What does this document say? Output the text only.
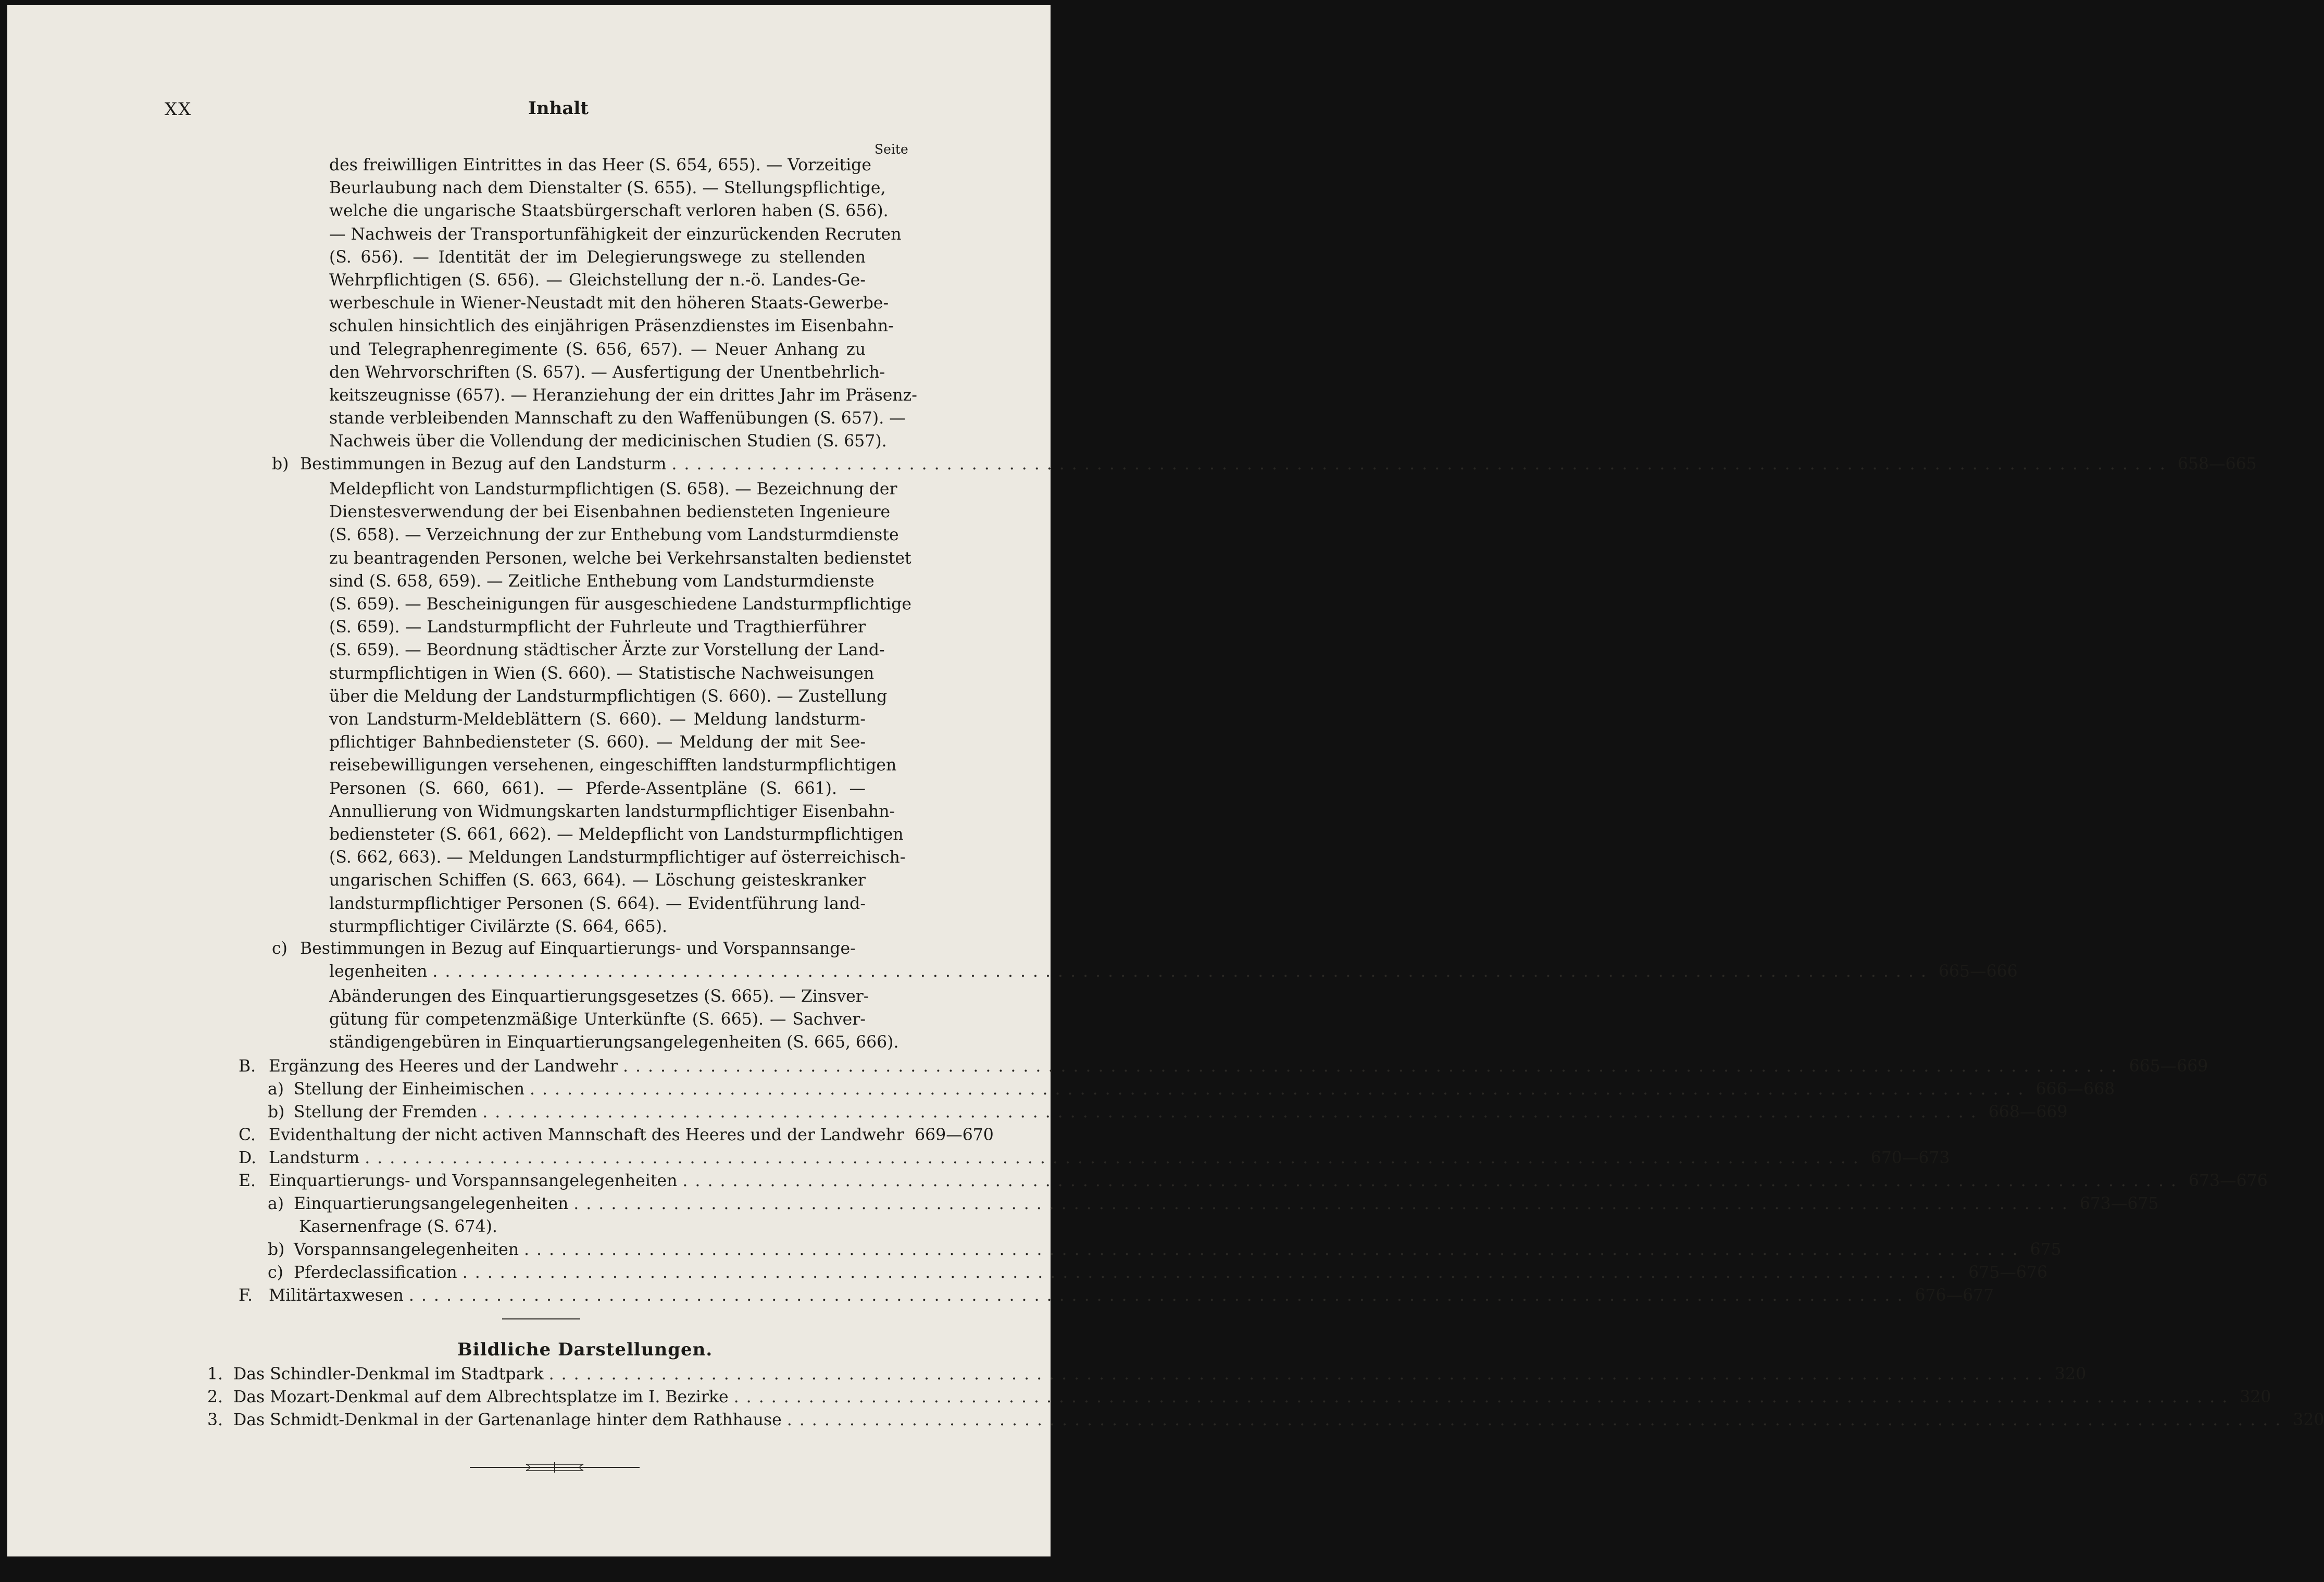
XX	Inhalt
Seite
des freiwilligen Eintrittes in das Heer (S. 654, 655). — Vorzeitige
Beurlaubung nach dem Dienstalter (S. 655). — Stellungspflichtige,
welche die ungarische Staatsbürgerschaft verloren haben (S. 656).
— Nachweis der Transportunfähigkeit der einzurückenden Recruten
(S. 656). — Identität der im Delegierungswege zu stellenden
Wehrpflichtigen (S. 656). — Gleichstellung der n.-ö. Landes-Ge-
werbeschule in Wiener-Neustadt mit den höheren Staats-Gewerbe-
schulen hinsichtlich des einjährigen Präsenzdienstes im Eisenbahn-
und Telegraphenregimente (S. 656, 657). — Neuer Anhang zu
den Wehrvorschriften (S. 657). — Ausfertigung der Unentbehrlich-
keitszeugnisse (657). — Heranziehung der ein drittes Jahr im Präsenz-
stande verbleibenden Mannschaft zu den Waffenübungen (S. 657). —
Nachweis über die Vollendung der medicinischen Studien (S. 657).
b) Bestimmungen in Bezug auf den Landsturm ........................................................................................................................ 658—665
Meldepflicht von Landsturmpflichtigen (S. 658). — Bezeichnung der
Dienstesverwendung der bei Eisenbahnen bediensteten Ingenieure
(S. 658). — Verzeichnung der zur Enthebung vom Landsturmdienste
zu beantragenden Personen, welche bei Verkehrsanstalten bedienstet
sind (S. 658, 659). — Zeitliche Enthebung vom Landsturmdienste
(S. 659). — Bescheinigungen für ausgeschiedene Landsturmpflichtige
(S. 659). — Landsturmpflicht der Fuhrleute und Tragthierführer
(S. 659). — Beordnung städtischer Ärzte zur Vorstellung der Land-
sturmpflichtigen in Wien (S. 660). — Statistische Nachweisungen
über die Meldung der Landsturmpflichtigen (S. 660). — Zustellung
von Landsturm-Meldeblättern (S. 660). — Meldung landsturm-
pflichtiger Bahnbediensteter (S. 660). — Meldung der mit See-
reisebewilligungen versehenen, eingeschifften landsturmpflichtigen
Personen (S. 660, 661). — Pferde-Assentpläne (S. 661). —
Annullierung von Widmungskarten landsturmpflichtiger Eisenbahn-
bediensteter (S. 661, 662). — Meldepflicht von Landsturmpflichtigen
(S. 662, 663). — Meldungen Landsturmpflichtiger auf österreichisch-
ungarischen Schiffen (S. 663, 664). — Löschung geisteskranker
landsturmpflichtiger Personen (S. 664). — Evidentführung land-
sturmpflichtiger Civilärzte (S. 664, 665).
c) Bestimmungen in Bezug auf Einquartierungs- und Vorspannsange-
legenheiten ........................................................................................................................ 665—666
Abänderungen des Einquartierungsgesetzes (S. 665). — Zinsver-
gütung für competenzmäßige Unterkünfte (S. 665). — Sachver-
ständigengebüren in Einquartierungsangelegenheiten (S. 665, 666).
B. Ergänzung des Heeres und der Landwehr ........................................................................................................................ 665—669
a) Stellung der Einheimischen ........................................................................................................................ 666—668
b) Stellung der Fremden ........................................................................................................................ 668—669
C. Evidenthaltung der nicht activen Mannschaft des Heeres und der Landwehr 669—670
D. Landsturm ........................................................................................................................ 670—673
E. Einquartierungs- und Vorspannsangelegenheiten ........................................................................................................................ 673—676
a) Einquartierungsangelegenheiten ........................................................................................................................ 673—675
Kasernenfrage (S. 674).
b) Vorspannsangelegenheiten ........................................................................................................................ 675
c) Pferdeclassification ........................................................................................................................ 675—676
F. Militärtaxwesen ........................................................................................................................ 676—677
Bildliche Darstellungen.
1. Das Schindler-Denkmal im Stadtpark ........................................................................................................................ 320
2. Das Mozart-Denkmal auf dem Albrechtsplatze im I. Bezirke ........................................................................................................................ 320
3. Das Schmidt-Denkmal in der Gartenanlage hinter dem Rathhause ........................................................................................................................ 320
